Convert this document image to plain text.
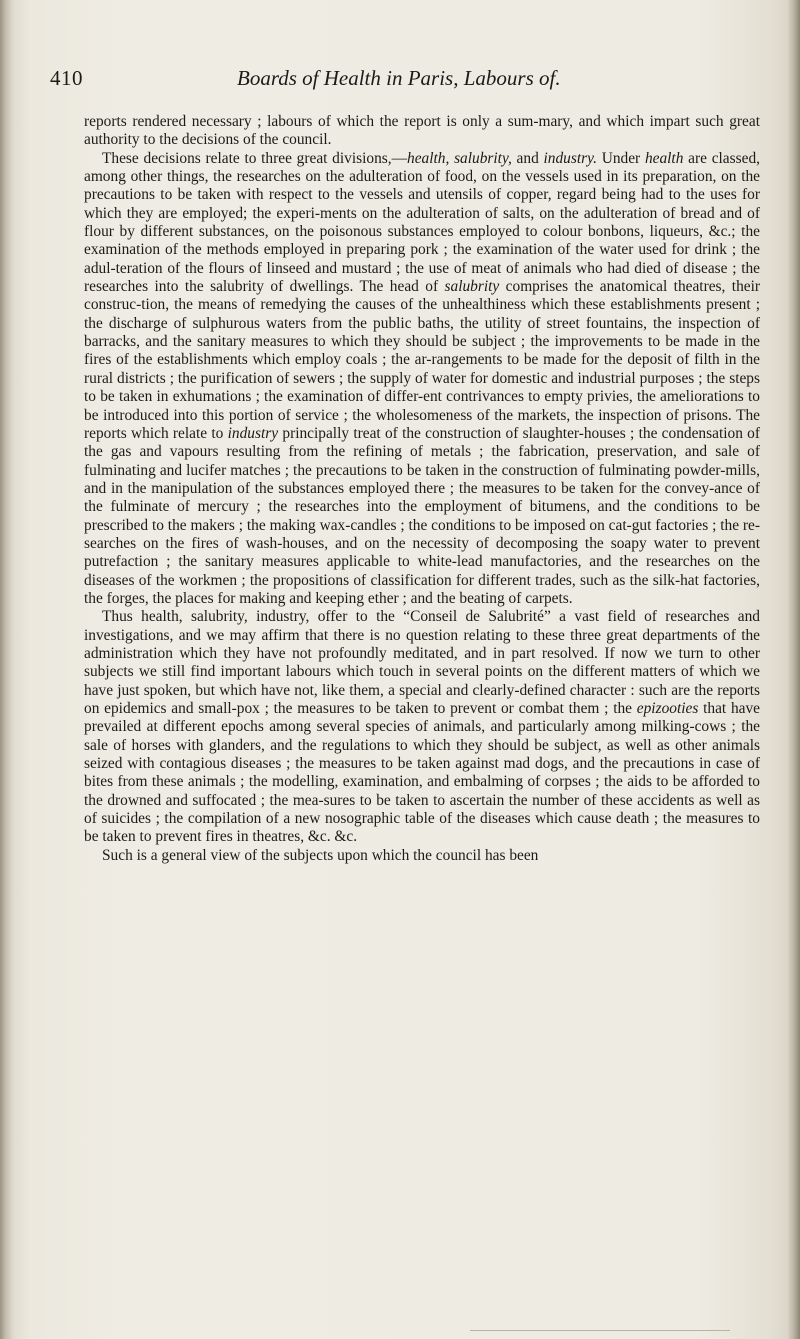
410	Boards of Health in Paris, Labours of.

reports rendered necessary ; labours of which the report is only a sum-mary, and which impart such great authority to the decisions of the council.

These decisions relate to three great divisions,—health, salubrity, and industry. Under health are classed, among other things, the researches on the adulteration of food, on the vessels used in its preparation, on the precautions to be taken with respect to the vessels and utensils of copper, regard being had to the uses for which they are employed; the experi-ments on the adulteration of salts, on the adulteration of bread and of flour by different substances, on the poisonous substances employed to colour bonbons, liqueurs, &c.; the examination of the methods employed in preparing pork ; the examination of the water used for drink ; the adul-teration of the flours of linseed and mustard ; the use of meat of animals who had died of disease ; the researches into the salubrity of dwellings. The head of salubrity comprises the anatomical theatres, their construc-tion, the means of remedying the causes of the unhealthiness which these establishments present ; the discharge of sulphurous waters from the public baths, the utility of street fountains, the inspection of barracks, and the sanitary measures to which they should be subject ; the improvements to be made in the fires of the establishments which employ coals ; the ar-rangements to be made for the deposit of filth in the rural districts ; the purification of sewers ; the supply of water for domestic and industrial purposes ; the steps to be taken in exhumations ; the examination of differ-ent contrivances to empty privies, the ameliorations to be introduced into this portion of service ; the wholesomeness of the markets, the inspection of prisons. The reports which relate to industry principally treat of the construction of slaughter-houses ; the condensation of the gas and vapours resulting from the refining of metals ; the fabrication, preservation, and sale of fulminating and lucifer matches ; the precautions to be taken in the construction of fulminating powder-mills, and in the manipulation of the substances employed there ; the measures to be taken for the convey-ance of the fulminate of mercury ; the researches into the employment of bitumens, and the conditions to be prescribed to the makers ; the making wax-candles ; the conditions to be imposed on cat-gut factories ; the re-searches on the fires of wash-houses, and on the necessity of decomposing the soapy water to prevent putrefaction ; the sanitary measures applicable to white-lead manufactories, and the researches on the diseases of the workmen ; the propositions of classification for different trades, such as the silk-hat factories, the forges, the places for making and keeping ether ; and the beating of carpets.

Thus health, salubrity, industry, offer to the “Conseil de Salubrité” a vast field of researches and investigations, and we may affirm that there is no question relating to these three great departments of the administration which they have not profoundly meditated, and in part resolved. If now we turn to other subjects we still find important labours which touch in several points on the different matters of which we have just spoken, but which have not, like them, a special and clearly-defined character : such are the reports on epidemics and small-pox ; the measures to be taken to prevent or combat them ; the epizooties that have prevailed at different epochs among several species of animals, and particularly among milking-cows ; the sale of horses with glanders, and the regulations to which they should be subject, as well as other animals seized with contagious diseases ; the measures to be taken against mad dogs, and the precautions in case of bites from these animals ; the modelling, examination, and embalming of corpses ; the aids to be afforded to the drowned and suffocated ; the mea-sures to be taken to ascertain the number of these accidents as well as of suicides ; the compilation of a new nosographic table of the diseases which cause death ; the measures to be taken to prevent fires in theatres, &c. &c.

Such is a general view of the subjects upon which the council has been
